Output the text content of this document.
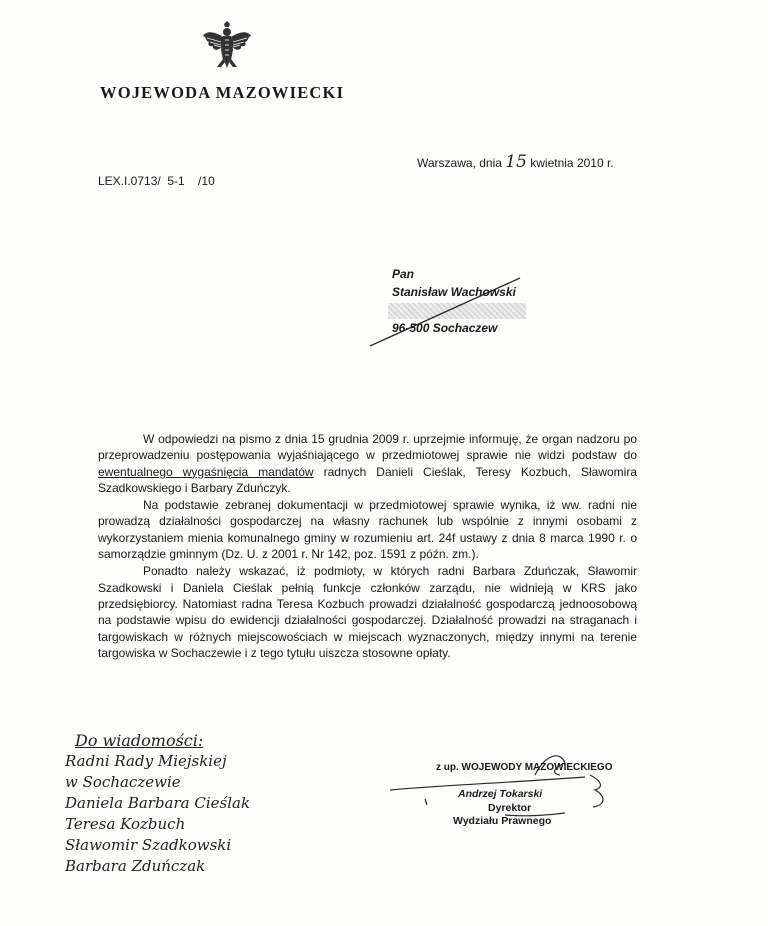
WOJEWODA MAZOWIECKI
Warszawa, dnia 15 kwietnia 2010 r.
LEX.I.0713/  5-1    /10
Pan
Stanisław Wachowski
96-500 Sochaczew

W odpowiedzi na pismo z dnia 15 grudnia 2009 r. uprzejmie informuję, że organ nadzoru po przeprowadzeniu postępowania wyjaśniającego w przedmiotowej sprawie nie widzi podstaw do ewentualnego wygaśnięcia mandatów radnych Danieli Cieślak, Teresy Kozbuch, Sławomira Szadkowskiego i Barbary Zduńczyk.

Na podstawie zebranej dokumentacji w przedmiotowej sprawie wynika, iż ww. radni nie prowadzą działalności gospodarczej na własny rachunek lub wspólnie z innymi osobami z wykorzystaniem mienia komunalnego gminy w rozumieniu art. 24f ustawy z dnia 8 marca 1990 r. o samorządzie gminnym (Dz. U. z 2001 r. Nr 142, poz. 1591 z późn. zm.).

Ponadto należy wskazać, iż podmioty, w których radni Barbara Zduńczak, Sławomir Szadkowski i Daniela Cieślak pełnią funkcje członków zarządu, nie widnieją w KRS jako przedsiębiorcy. Natomiast radna Teresa Kozbuch prowadzi działalność gospodarczą jednoosobową na podstawie wpisu do ewidencji działalności gospodarczej. Działalność prowadzi na straganach i targowiskach w różnych miejscowościach w miejscach wyznaczonych, między innymi na terenie targowiska w Sochaczewie i z tego tytułu uiszcza stosowne opłaty.

Do wiadomości:
Radni Rady Miejskiej
w Sochaczewie
Daniela Barbara Cieślak
Teresa Kozbuch
Sławomir Szadkowski
Barbara Zduńczak
z up. WOJEWODY MAZOWIECKIEGO
Andrzej Tokarski
Dyrektor
Wydziału Prawnego
